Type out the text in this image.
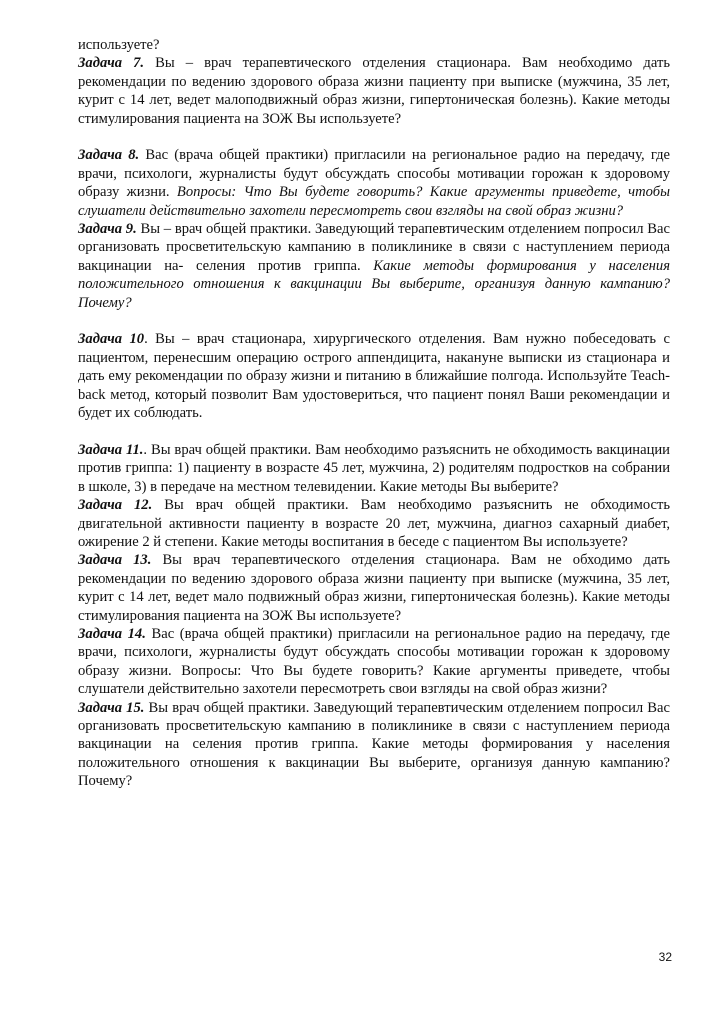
используете?

Задача 7. Вы – врач терапевтического отделения стационара. Вам необходимо дать рекомендации по ведению здорового образа жизни пациенту при выписке (мужчина, 35 лет, курит с 14 лет, ведет малоподвижный образ жизни, гипертоническая болезнь). Какие методы стимулирования пациента на ЗОЖ Вы используете?

Задача 8. Вас (врача общей практики) пригласили на региональное радио на передачу, где врачи, психологи, журналисты будут обсуждать способы мотивации горожан к здоровому образу жизни. Вопросы: Что Вы будете говорить? Какие аргументы приведете, чтобы слушатели действительно захотели пересмотреть свои взгляды на свой образ жизни?

Задача 9. Вы – врач общей практики. Заведующий терапевтическим отделением попросил Вас организовать просветительскую кампанию в поликлинике в связи с наступлением периода вакцинации на- селения против гриппа. Какие методы формирования у населения положительного отношения к вакцинации Вы выберите, организуя данную кампанию? Почему?

Задача 10. Вы – врач стационара, хирургического отделения. Вам нужно побеседовать с пациентом, перенесшим операцию острого аппендицита, накануне выписки из стационара и дать ему рекомендации по образу жизни и питанию в ближайшие полгода. Используйте Teach-back метод, который позволит Вам удостовериться, что пациент понял Ваши рекомендации и будет их соблюдать.

Задача 11.. Вы врач общей практики. Вам необходимо разъяснить не обходимость вакцинации против гриппа: 1) пациенту в возрасте 45 лет, мужчина, 2) родителям подростков на собрании в школе, 3) в передаче на местном телевидении. Какие методы Вы выберите?

Задача 12. Вы врач общей практики. Вам необходимо разъяснить не обходимость двигательной активности пациенту в возрасте 20 лет, мужчина, диагноз сахарный диабет, ожирение 2 й степени. Какие методы воспитания в беседе с пациентом Вы используете?

Задача 13. Вы врач терапевтического отделения стационара. Вам не обходимо дать рекомендации по ведению здорового образа жизни пациенту при выписке (мужчина, 35 лет, курит с 14 лет, ведет мало подвижный образ жизни, гипертоническая болезнь). Какие методы стимулирования пациента на ЗОЖ Вы используете?

Задача 14. Вас (врача общей практики) пригласили на региональное радио на передачу, где врачи, психологи, журналисты будут обсуждать способы мотивации горожан к здоровому образу жизни. Вопросы: Что Вы будете говорить? Какие аргументы приведете, чтобы слушатели действительно захотели пересмотреть свои взгляды на свой образ жизни?

Задача 15. Вы врач общей практики. Заведующий терапевтическим отделением попросил Вас организовать просветительскую кампанию в поликлинике в связи с наступлением периода вакцинации на селения против гриппа. Какие методы формирования у населения положительного отношения к вакцинации Вы выберите, организуя данную кампанию? Почему?

32
